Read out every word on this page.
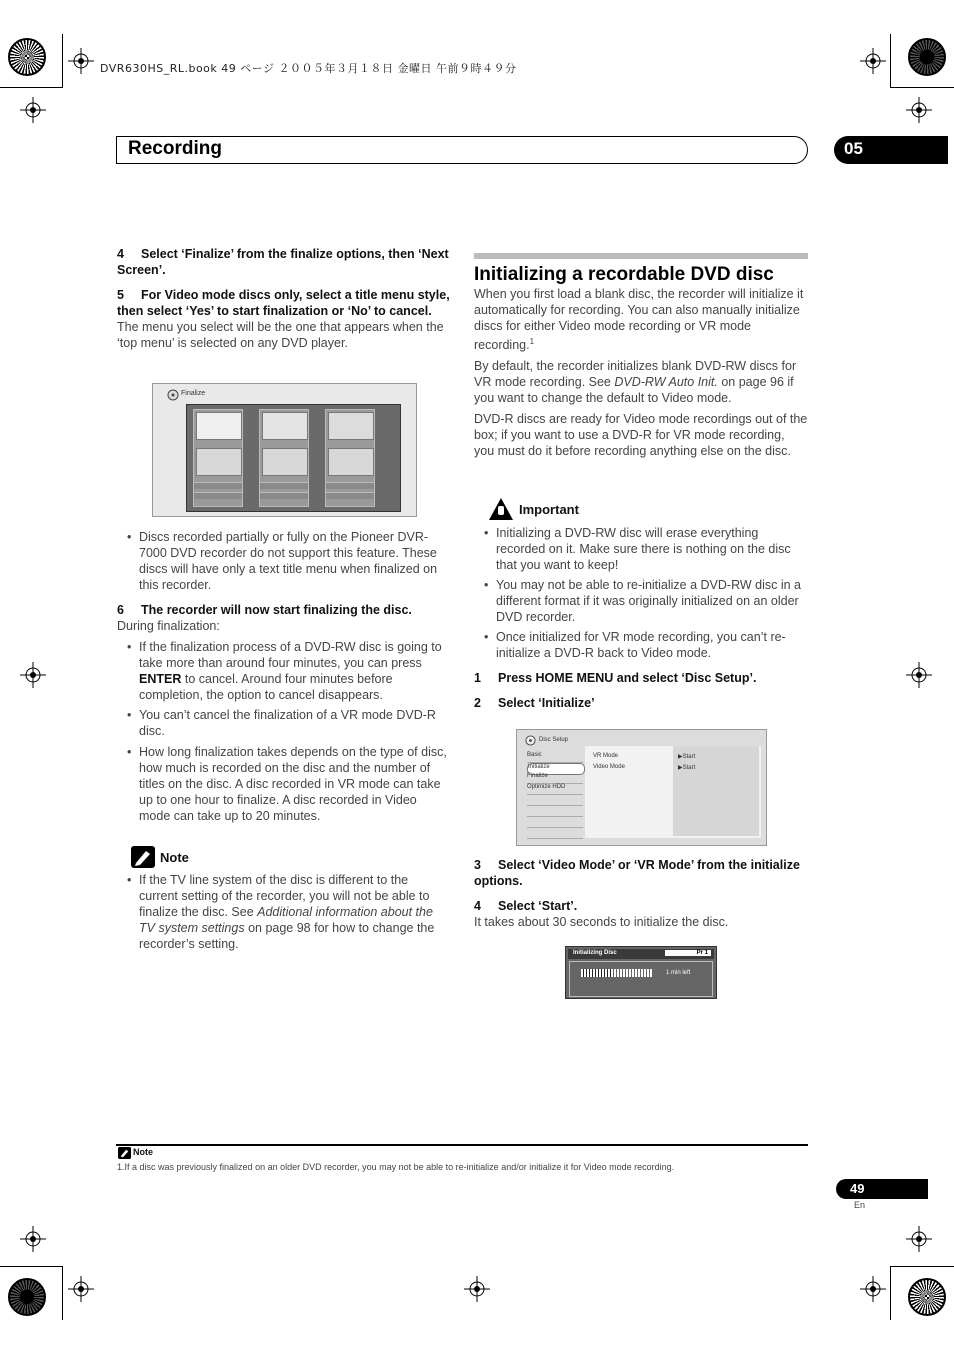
DVR630HS_RL.book 49 ページ ２００５年３月１８日 金曜日 午前９時４９分
Recording	05

4 Select ‘Finalize’ from the finalize options, then ‘Next Screen’.

5 For Video mode discs only, select a title menu style, then select ‘Yes’ to start finalization or ‘No’ to cancel.

The menu you select will be the one that appears when the ‘top menu’ is selected on any DVD player.

Finalize

• Discs recorded partially or fully on the Pioneer DVR-7000 DVD recorder do not support this feature. These discs will have only a text title menu when finalized on this recorder.

6 The recorder will now start finalizing the disc.

During finalization:

• If the finalization process of a DVD-RW disc is going to take more than around four minutes, you can press ENTER to cancel. Around four minutes before completion, the option to cancel disappears.

• You can’t cancel the finalization of a VR mode DVD-R disc.

• How long finalization takes depends on the type of disc, how much is recorded on the disc and the number of titles on the disc. A disc recorded in VR mode can take up to one hour to finalize. A disc recorded in Video mode can take up to 20 minutes.

Note

• If the TV line system of the disc is different to the current setting of the recorder, you will not be able to finalize the disc. See Additional information about the TV system settings on page 98 for how to change the recorder’s setting.

Initializing a recordable DVD disc

When you first load a blank disc, the recorder will initialize it automatically for recording. You can also manually initialize discs for either Video mode recording or VR mode recording.$^1$

By default, the recorder initializes blank DVD-RW discs for VR mode recording. See DVD-RW Auto Init. on page 96 if you want to change the default to Video mode.

DVD-R discs are ready for Video mode recordings out of the box; if you want to use a DVD-R for VR mode recording, you must do it before recording anything else on the disc.

Important

• Initializing a DVD-RW disc will erase everything recorded on it. Make sure there is nothing on the disc that you want to keep!

• You may not be able to re-initialize a DVD-RW disc in a different format if it was originally initialized on an older DVD recorder.

• Once initialized for VR mode recording, you can’t re-initialize a DVD-R back to Video mode.

1 Press HOME MENU and select ‘Disc Setup’.

2 Select ‘Initialize’

Disc Setup
Basic
Initialize
Finalize
Optimize HDD
VR Mode
Video Mode
▶Start
▶Start

3 Select ‘Video Mode’ or ‘VR Mode’ from the initialize options.

4 Select ‘Start’.

It takes about 30 seconds to initialize the disc.

Initializing Disc	Pr 1
1 min left
Note
1.If a disc was previously finalized on an older DVD recorder, you may not be able to re-initialize and/or initialize it for Video mode recording.
49
En
